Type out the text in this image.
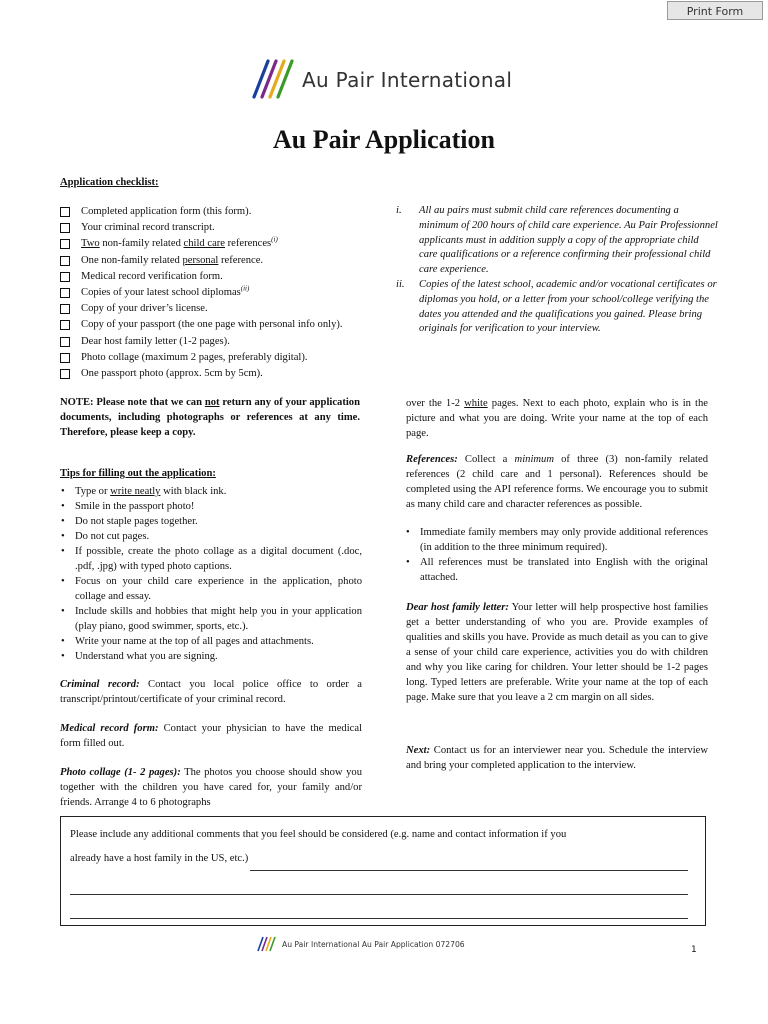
Print Form
Au Pair International
Au Pair Application
Application checklist:
Completed application form (this form).
Your criminal record transcript.
Two non-family related child care references$^{(i)}$
One non-family related personal reference.
Medical record verification form.
Copies of your latest school diplomas$^{(ii)}$
Copy of your driver’s license.
Copy of your passport (the one page with personal info only).
Dear host family letter (1-2 pages).
Photo collage (maximum 2 pages, preferably digital).
One passport photo (approx. 5cm by 5cm).
i. All au pairs must submit child care references documenting a minimum of 200 hours of child care experience. Au Pair Professionnel applicants must in addition supply a copy of the appropriate child care qualifications or a reference confirming their professional child care experience.
ii. Copies of the latest school, academic and/or vocational certificates or diplomas you hold, or a letter from your school/college verifying the dates you attended and the qualifications you gained. Please bring originals for verification to your interview.
NOTE: Please note that we can not return any of your application documents, including photographs or references at any time. Therefore, please keep a copy.
Tips for filling out the application:
• Type or write neatly with black ink.
• Smile in the passport photo!
• Do not staple pages together.
• Do not cut pages.
• If possible, create the photo collage as a digital document (.doc, .pdf, .jpg) with typed photo captions.
• Focus on your child care experience in the application, photo collage and essay.
• Include skills and hobbies that might help you in your application (play piano, good swimmer, sports, etc.).
• Write your name at the top of all pages and attachments.
• Understand what you are signing.
Criminal record: Contact you local police office to order a transcript/printout/certificate of your criminal record.
Medical record form: Contact your physician to have the medical form filled out.
Photo collage (1- 2 pages): The photos you choose should show you together with the children you have cared for, your family and/or friends. Arrange 4 to 6 photographs
over the 1-2 white pages. Next to each photo, explain who is in the picture and what you are doing. Write your name at the top of each page.
References: Collect a minimum of three (3) non-family related references (2 child care and 1 personal). References should be completed using the API reference forms. We encourage you to submit as many child care and character references as possible.
• Immediate family members may only provide additional references (in addition to the three minimum required).
• All references must be translated into English with the original attached.
Dear host family letter: Your letter will help prospective host families get a better understanding of who you are. Provide examples of qualities and skills you have. Provide as much detail as you can to give a sense of your child care experience, activities you do with children and why you like caring for children. Your letter should be 1-2 pages long. Typed letters are preferable. Write your name at the top of each page. Make sure that you leave a 2 cm margin on all sides.
Next: Contact us for an interviewer near you. Schedule the interview and bring your completed application to the interview.
Please include any additional comments that you feel should be considered (e.g. name and contact information if you
already have a host family in the US, etc.)
Au Pair International Au Pair Application 072706
1
